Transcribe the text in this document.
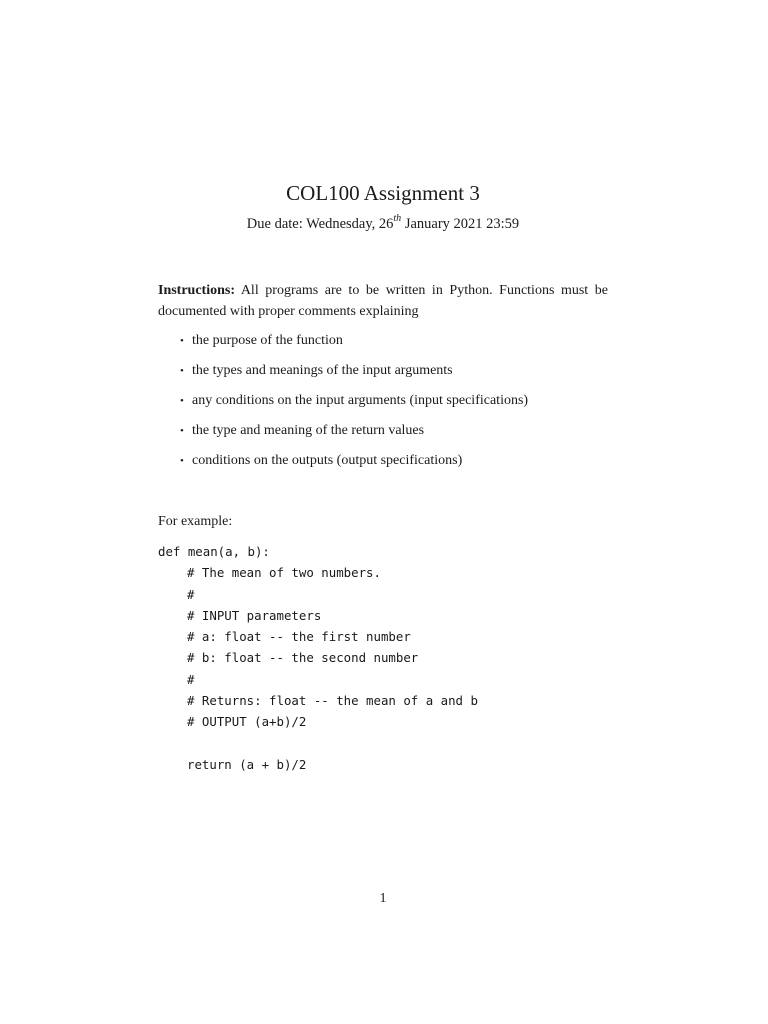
COL100 Assignment 3
Due date: Wednesday, 26th January 2021 23:59

Instructions: All programs are to be written in Python. Functions must be documented with proper comments explaining

• the purpose of the function
• the types and meanings of the input arguments
• any conditions on the input arguments (input specifications)
• the type and meaning of the return values
• conditions on the outputs (output specifications)

For example:

def mean(a, b):
# The mean of two numbers.
#
# INPUT parameters
# a: float -- the first number
# b: float -- the second number
#
# Returns: float -- the mean of a and b
# OUTPUT (a+b)/2
return (a + b)/2
1
